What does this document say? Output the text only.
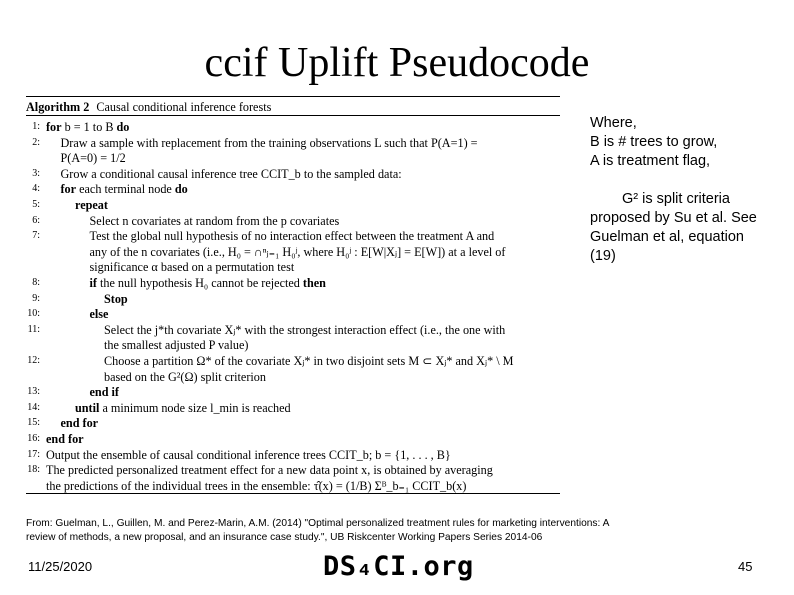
ccif Uplift Pseudocode
Algorithm 2 Causal conditional inference forests
1: for b = 1 to B do
2: Draw a sample with replacement from the training observations L such that P(A=1) =
P(A=0) = 1/2
3: Grow a conditional causal inference tree CCIT_b to the sampled data:
4: for each terminal node do
5:	repeat
6:	Select n covariates at random from the p covariates
7:	Test the global null hypothesis of no interaction effect between the treatment A and
any of the n covariates (i.e., H₀ = ∩ⁿⱼ₌₁ H₀ʲ, where H₀ʲ : E[W|Xⱼ] = E[W]) at a level of
significance α based on a permutation test
8:	if the null hypothesis H₀ cannot be rejected then
9:	Stop
10:	else
11:	Select the j*th covariate Xⱼ* with the strongest interaction effect (i.e., the one with
the smallest adjusted P value)
12:	Choose a partition Ω* of the covariate Xⱼ* in two disjoint sets M ⊂ Xⱼ* and Xⱼ* \ M
based on the G²(Ω) split criterion
13:	end if
14:	until a minimum node size l_min is reached
15: end for
16: end for
17: Output the ensemble of causal conditional inference trees CCIT_b; b = {1, . . . , B}
18: The predicted personalized treatment effect for a new data point x, is obtained by averaging
the predictions of the individual trees in the ensemble: τ̂(x) = (1/B) Σᴮ_b₌₁ CCIT_b(x)

Where,

B is # trees to grow,

A is treatment flag,

G² is split criteria

proposed by Su et al. See

Guelman et al, equation

(19)

From: Guelman, L., Guillen, M. and Perez-Marin, A.M. (2014) "Optimal personalized treatment rules for marketing interventions: A
review of methods, a new proposal, and an insurance case study.", UB Riskcenter Working Papers Series 2014-06
11/25/2020	DS₄CI.org	45
